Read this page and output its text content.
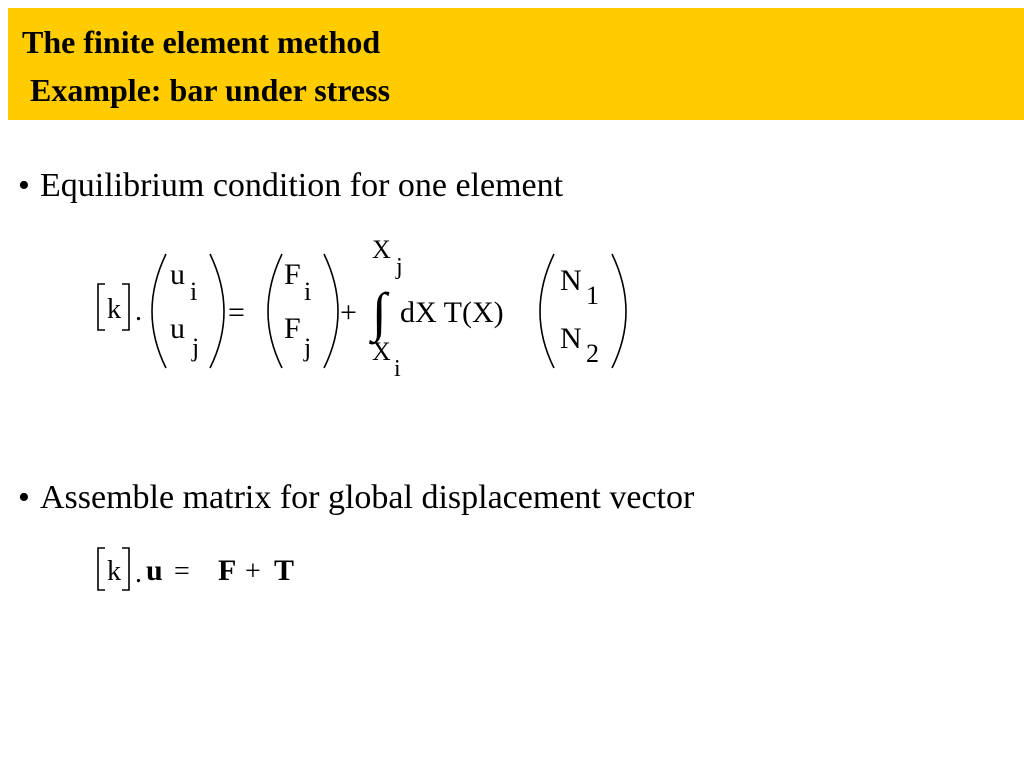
The finite element method
Example: bar under stress
• Equilibrium condition for one element
k .
u
i
u
j
=
F
i
F
j
+
X
j
∫
X
i
dX T(X)
N 1
N 2
• Assemble matrix for global displacement vector
k . u = F + T
